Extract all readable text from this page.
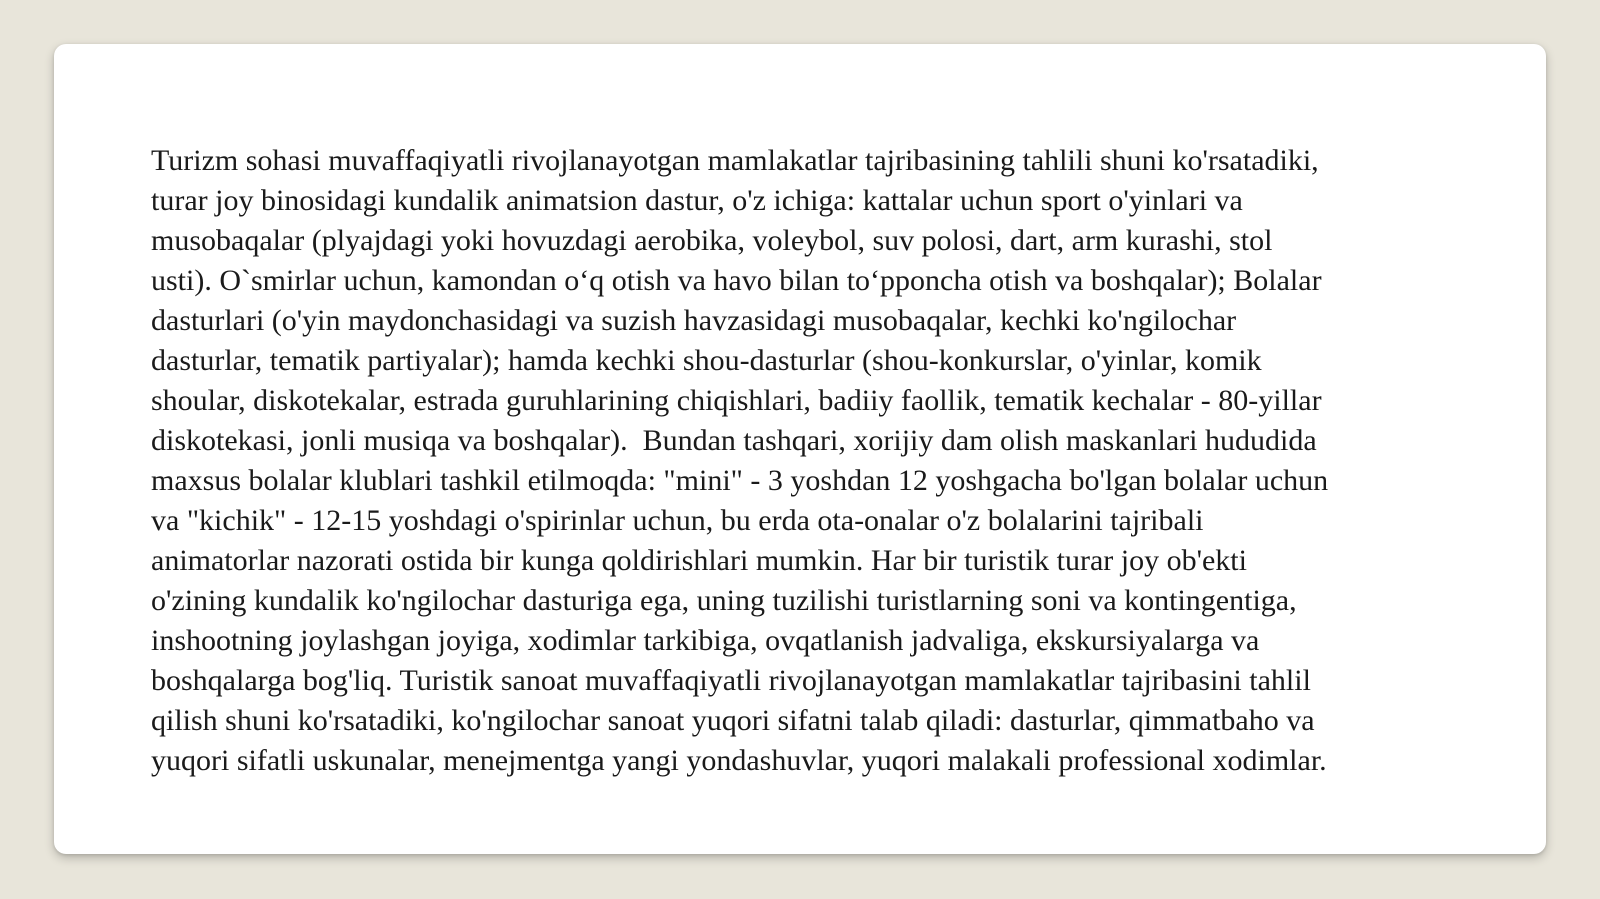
Turizm sohasi muvaffaqiyatli rivojlanayotgan mamlakatlar tajribasining tahlili shuni ko'rsatadiki,
turar joy binosidagi kundalik animatsion dastur, o'z ichiga: kattalar uchun sport o'yinlari va
musobaqalar (plyajdagi yoki hovuzdagi aerobika, voleybol, suv polosi, dart, arm kurashi, stol
usti). O`smirlar uchun, kamondan o‘q otish va havo bilan to‘pponcha otish va boshqalar); Bolalar
dasturlari (o'yin maydonchasidagi va suzish havzasidagi musobaqalar, kechki ko'ngilochar
dasturlar, tematik partiyalar); hamda kechki shou-dasturlar (shou-konkurslar, o'yinlar, komik
shoular, diskotekalar, estrada guruhlarining chiqishlari, badiiy faollik, tematik kechalar - 80-yillar
diskotekasi, jonli musiqa va boshqalar).  Bundan tashqari, xorijiy dam olish maskanlari hududida
maxsus bolalar klublari tashkil etilmoqda: "mini" - 3 yoshdan 12 yoshgacha bo'lgan bolalar uchun
va "kichik" - 12-15 yoshdagi o'spirinlar uchun, bu erda ota-onalar o'z bolalarini tajribali
animatorlar nazorati ostida bir kunga qoldirishlari mumkin. Har bir turistik turar joy ob'ekti
o'zining kundalik ko'ngilochar dasturiga ega, uning tuzilishi turistlarning soni va kontingentiga,
inshootning joylashgan joyiga, xodimlar tarkibiga, ovqatlanish jadvaliga, ekskursiyalarga va
boshqalarga bog'liq. Turistik sanoat muvaffaqiyatli rivojlanayotgan mamlakatlar tajribasini tahlil
qilish shuni ko'rsatadiki, ko'ngilochar sanoat yuqori sifatni talab qiladi: dasturlar, qimmatbaho va
yuqori sifatli uskunalar, menejmentga yangi yondashuvlar, yuqori malakali professional xodimlar.
